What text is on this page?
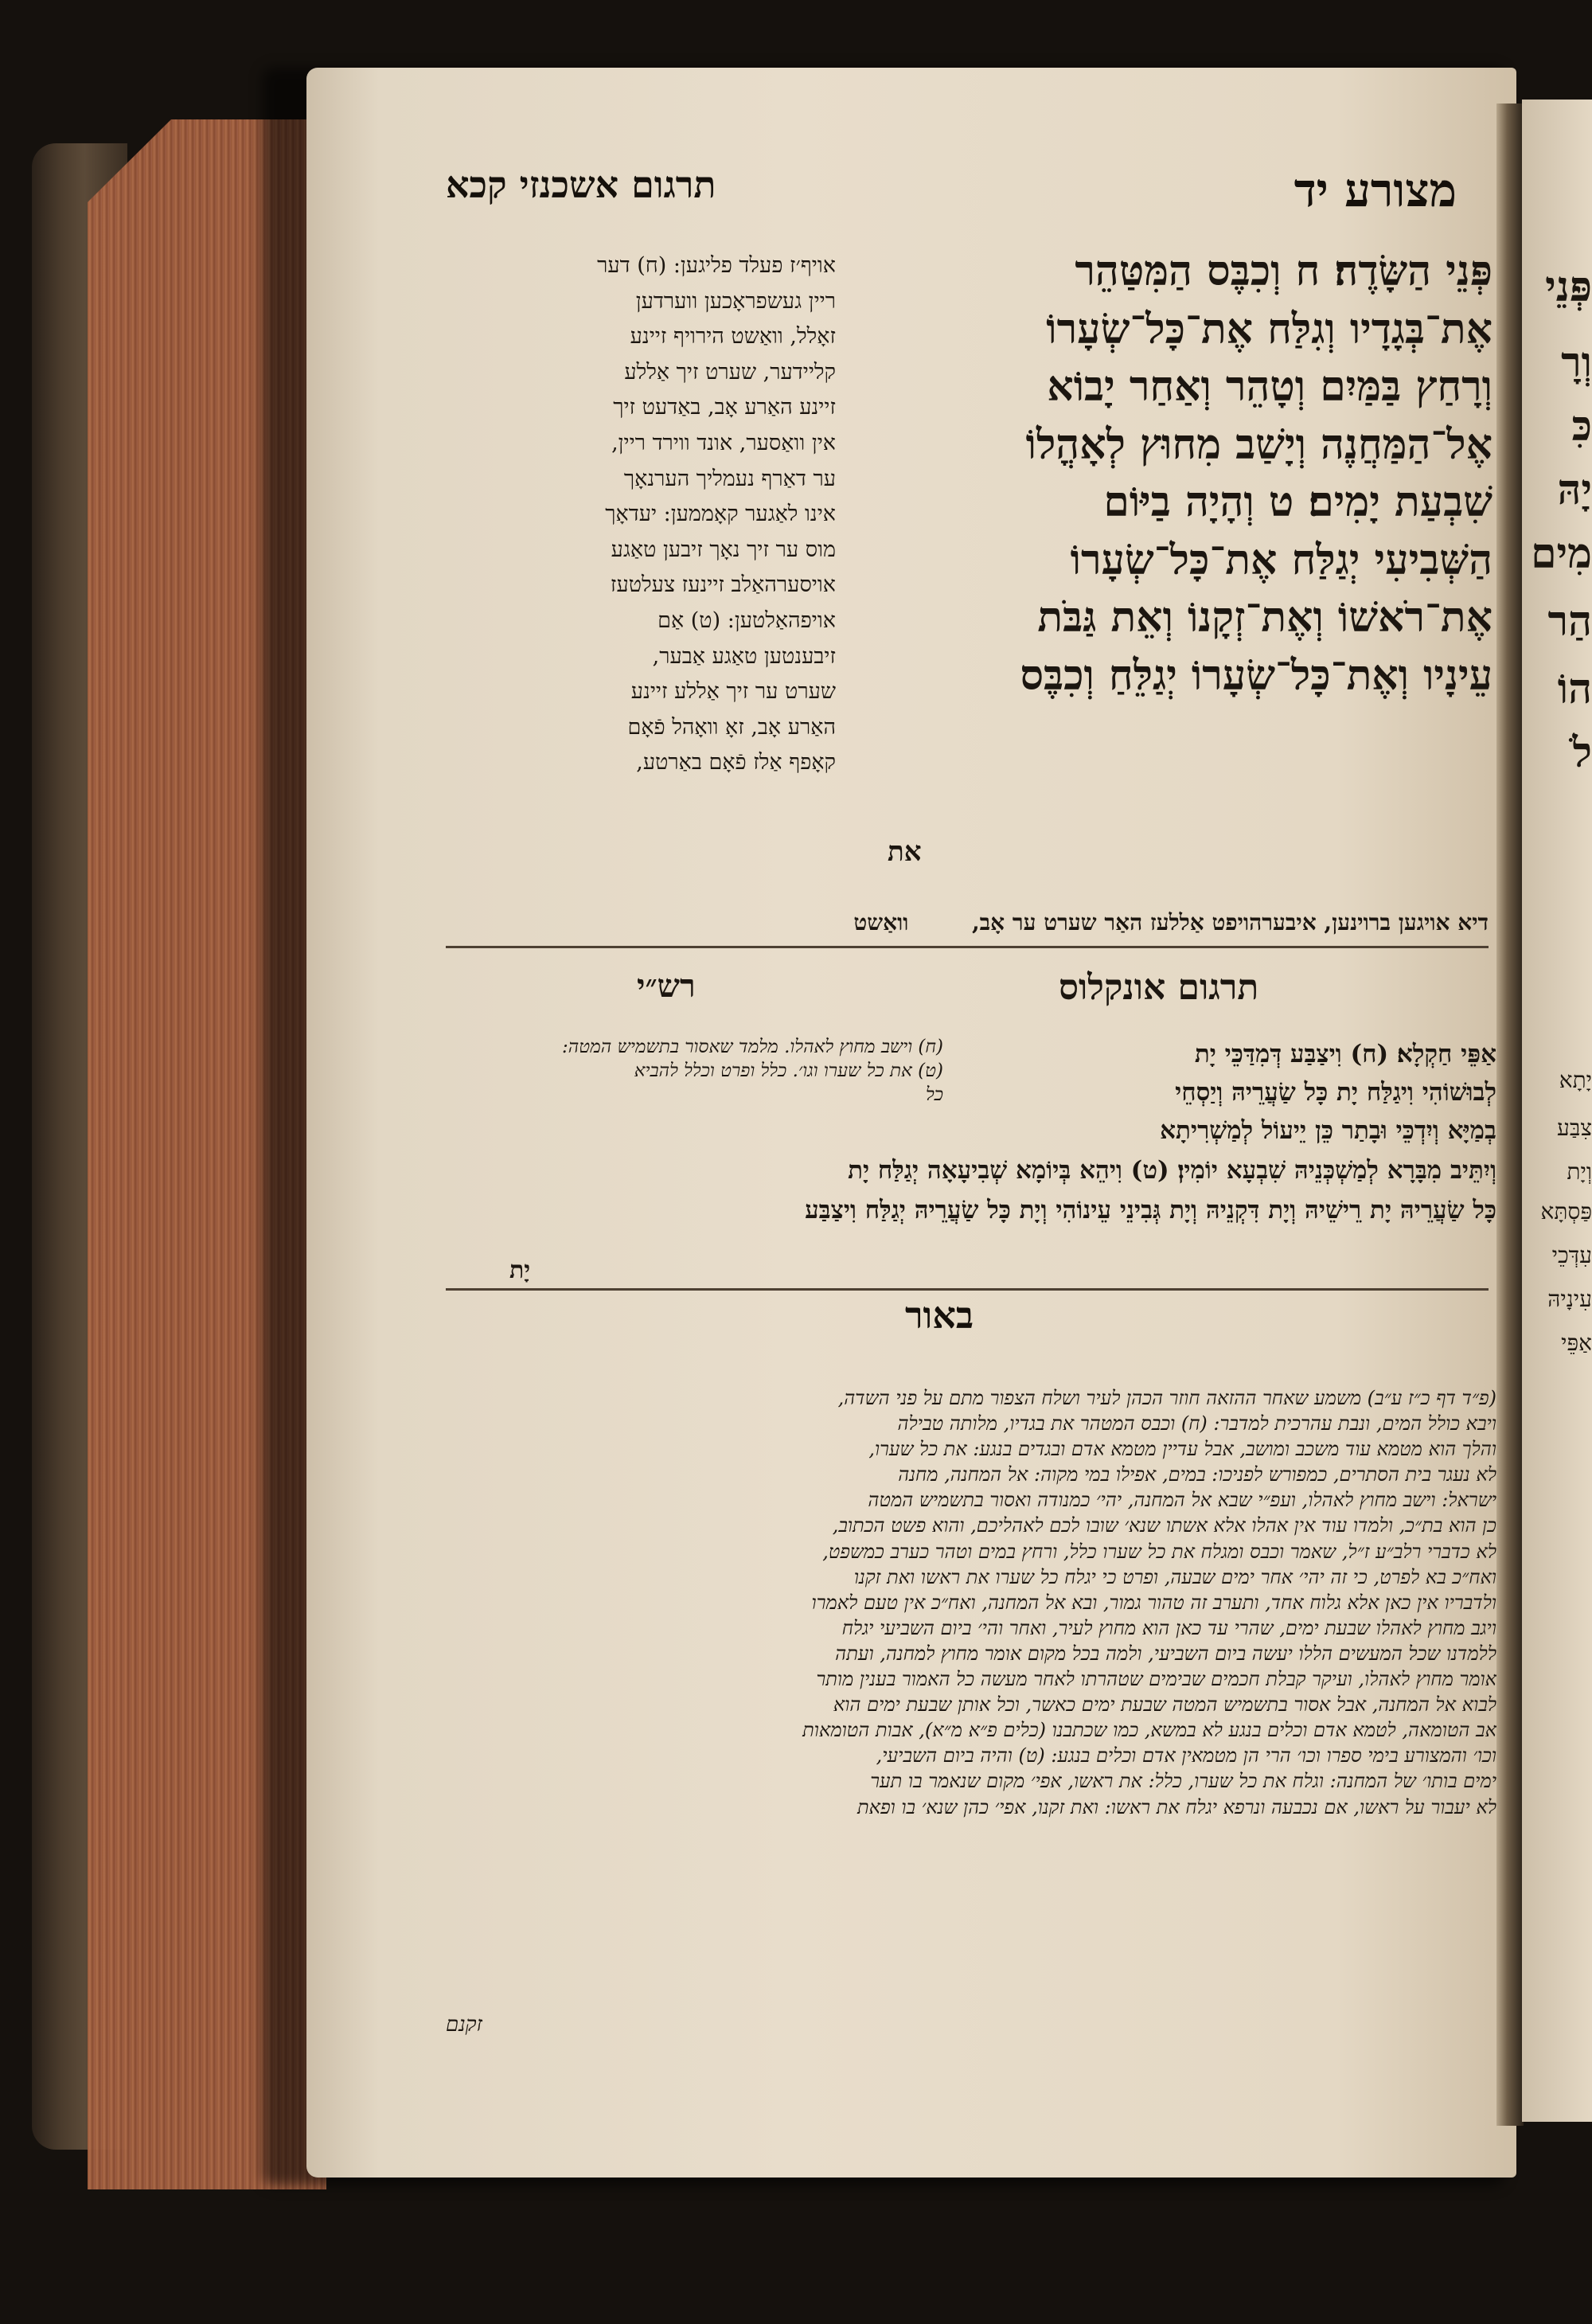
פְּנֵי
וְרָ
כִּ
יָהּ
מִים
הַר
הוֹ
לֹ
יָתָא
צִבַּע
וְיָת
פַּסְתָּא
עִדְּכֵי
עִינָיהּ
אַפֵּי
מצורע יד
תרגום אשכנזי קכא
פְּנֵי הַשָּׂדֶה׃ ח וְכִבֶּס הַמִּטַּהֵר
אֶת־בְּגָדָיו וְגִלַּח אֶת־כָּל־שְׂעָרוֹ
וְרָחַץ בַּמַּיִם וְטָהֵר וְאַחַר יָבוֹא
אֶל־הַמַּחֲנֶה וְיָשַׁב מִחוּץ לְאָהֳלוֹ
שִׁבְעַת יָמִים׃ ט וְהָיָה בַיּוֹם
הַשְּׁבִיעִי יְגַלַּח אֶת־כָּל־שְׂעָרוֹ
אֶת־רֹאשׁוֹ וְאֶת־זְקָנוֹ וְאֵת גַּבֹּת
עֵינָיו וְאֶת־כָּל־שְׂעָרוֹ יְגַלֵּחַ וְכִבֶּס
את
אויף׳ז פעלד פליגען: (ח) דער
ריין געשפראָכען ווערדען
זאָלל, וואַשט הירויף זיינע
קליידער, שערט זיך אַללע
זיינע האַרע אָב, באַדעט זיך
אין וואַסער, אונד ווירד ריין,
ער דאַרף נעמליך הערנאָך
אינו לאַגער קאָממען: יעדאָך
מוס ער זיך נאָך זיבען טאַגע
אויסערהאַלב זיינעז צעלטעז
אויפהאַלטען: (ט) אַם
זיבענטען טאַגע אַבער,
שערט ער זיך אַללע זיינע
האַרע אָב, זאָ וואָהל פֿאָם
קאָפף אַלז פֿאָם באַרטע,
דיא אויגען ברוינען, איבערהויפט אַללעז האַר שערט ער אָב,  וואַשט
תרגום אונקלוס
רש״י
אַפֵּי חַקְלָא׃ (ח) וִיצַבַּע דְּמִדַּכֵּי יָת
לְבוּשׁוֹהִי וִיגַלַּח יָת כָּל שַׂעֲרֵיהּ וְיַסְחֵי
בְמַיָּא וְיִדְכֵּי וּבָתַר כֵּן יֵיעוֹל לְמַשְׁרִיתָא
(ח) וישב מחוץ לאהלו. מלמד שאסור בתשמיש המטה:
(ט) את כל שערו וגו׳. כלל ופרט וכלל להביא
כל
וְיִתֵּיב מִבָּרָא לְמַשְׁכְּנֵיהּ שִׁבְעָא יוֹמִין׃ (ט) וִיהֵא בְּיוֹמָא שְׁבִיעָאָה יְגַלַּח יָת
כָּל שַׂעֲרֵיהּ יָת רֵישֵׁיהּ וְיָת דִּקְנֵיהּ וְיָת גְּבִינֵי עֵינוֹהִי וְיָת כָּל שַׂעֲרֵיהּ יְגַלַּח וִיצַבַּע
יָת
באור
(פ״ד דף כ״ז ע״ב) משמע שאחר ההזאה חוזר הכהן לעיר ושלח הצפור מתם על פני השדה,
ויבא כולל המים, ונבת עהרכית למדבר: (ח) וכבס המטהר את בגדיו, מלותה טבילה
והלך הוא מטמא עוד משכב ומושב, אבל עדיין מטמא אדם ובגדים בנגע: את כל שערו,
לא נעגר בית הסתרים, כמפורש לפניכו: במים, אפילו במי מקוה: אל המחנה, מחנה
ישראל: וישב מחוץ לאהלו, ועפ״י שבא אל המחנה, יהי׳ כמנודה ואסור בתשמיש המטה
כן הוא בת״כ, ולמדו עוד אין אהלו אלא אשתו שנא׳ שובו לכם לאהליכם, והוא פשט הכתוב,
לא כדברי רלב״ע ז״ל, שאמר וכבס ומגלח את כל שערו כלל, ורחץ במים וטהר כערב כמשפט,
ואח״כ בא לפרט, כי זה יהי׳ אחר ימים שבעה, ופרט כי יגלח כל שערו את ראשו ואת זקנו
ולדבריו אין כאן אלא גלוח אחד, ותערב זה טהור גמור, ובא אל המחנה, ואח״כ אין טעם לאמרו
ויגב מחוץ לאהלו שבעת ימים, שהרי עד כאן הוא מחוץ לעיר, ואחר והי׳ ביום השביעי יגלח
ללמדנו שכל המעשים הללו יעשה ביום השביעי, ולמה בכל מקום אומר מחוץ למחנה, ועתה
אומר מחוץ לאהלו, ועיקר קבלת חכמים שבימים שטהרתו לאחר מעשה כל האמור בענין מותר
לבוא אל המחנה, אבל אסור בתשמיש המטה שבעת ימים כאשר, וכל אותן שבעת ימים הוא
אב הטומאה, לטמא אדם וכלים בנגע לא במשא, כמו שכתבנו (כלים פ״א מ״א), אבות הטומאות
וכו׳ והמצורע בימי ספרו וכו׳ הרי הן מטמאין אדם וכלים בנגע: (ט) והיה ביום השביעי,
ימים בותו׳ של המחנה: וגלח את כל שערו, כלל: את ראשו, אפי׳ מקום שנאמר בו תער
לא יעבור על ראשו, אם נכבעה ונרפא יגלח את ראשו: ואת זקנו, אפי׳ כהן שנא׳ בו ופאת
זקנם
